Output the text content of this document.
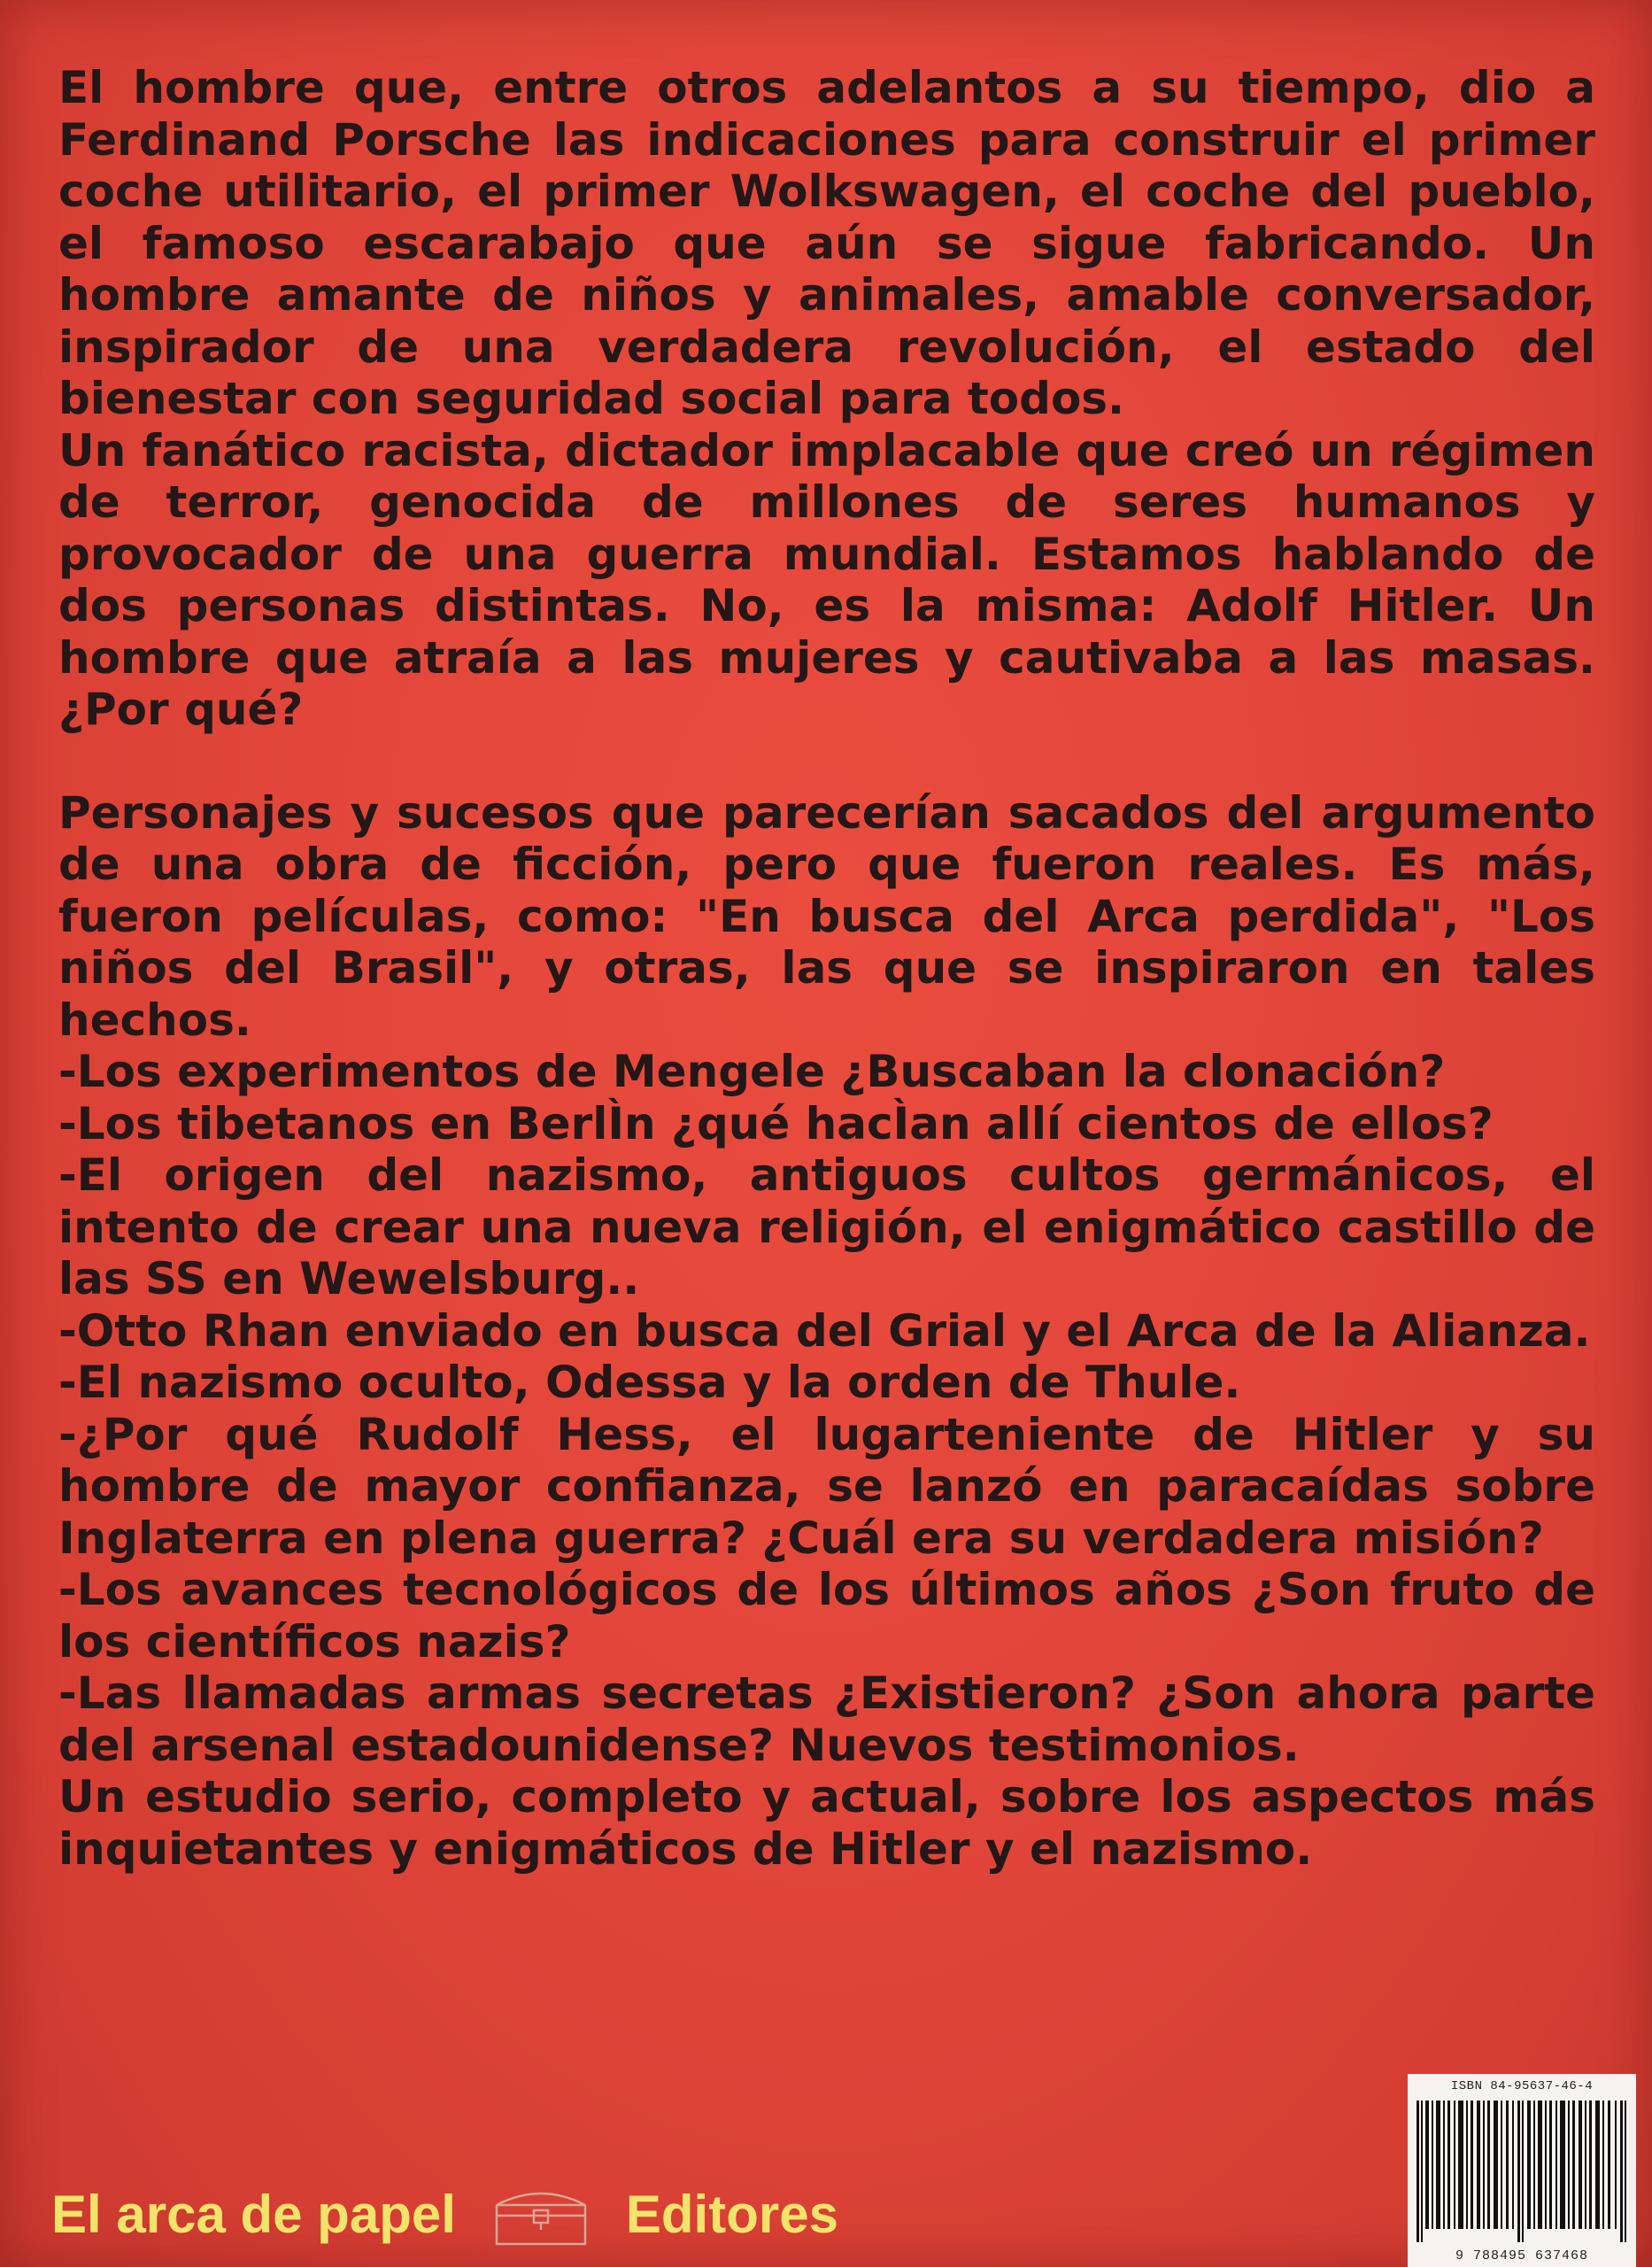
El hombre que, entre otros adelantos a su tiempo, dio a Ferdinand Porsche las indicaciones para construir el primer coche utilitario, el primer Wolkswagen, el coche del pueblo, el famoso escarabajo que aún se sigue fabricando. Un hombre amante de niños y animales, amable conversador, inspirador de una verdadera revolución, el estado del bienestar con seguridad social para todos.

Un fanático racista, dictador implacable que creó un régimen de terror, genocida de millones de seres humanos y provocador de una guerra mundial. Estamos hablando de dos personas distintas. No, es la misma: Adolf Hitler. Un hombre que atraía a las mujeres y cautivaba a las masas. ¿Por qué?

Personajes y sucesos que parecerían sacados del argumento de una obra de ficción, pero que fueron reales. Es más, fueron películas, como: "En busca del Arca perdida", "Los niños del Brasil", y otras, las que se inspiraron en tales hechos.

-Los experimentos de Mengele ¿Buscaban la clonación?

-Los tibetanos en BerlÌn ¿qué hacÌan allí cientos de ellos?

-El origen del nazismo, antiguos cultos germánicos, el intento de crear una nueva religión, el enigmático castillo de las SS en Wewelsburg..

-Otto Rhan enviado en busca del Grial y el Arca de la Alianza.

-El nazismo oculto, Odessa y la orden de Thule.

-¿Por qué Rudolf Hess, el lugarteniente de Hitler y su hombre de mayor confianza, se lanzó en paracaídas sobre Inglaterra en plena guerra? ¿Cuál era su verdadera misión?

-Los avances tecnológicos de los últimos años ¿Son fruto de los científicos nazis?

-Las llamadas armas secretas ¿Existieron? ¿Son ahora parte del arsenal estadounidense? Nuevos testimonios.

Un estudio serio, completo y actual, sobre los aspectos más inquietantes y enigmáticos de Hitler y el nazismo.

El arca de papel	Editores
ISBN 84-95637-46-4
9 788495 637468
